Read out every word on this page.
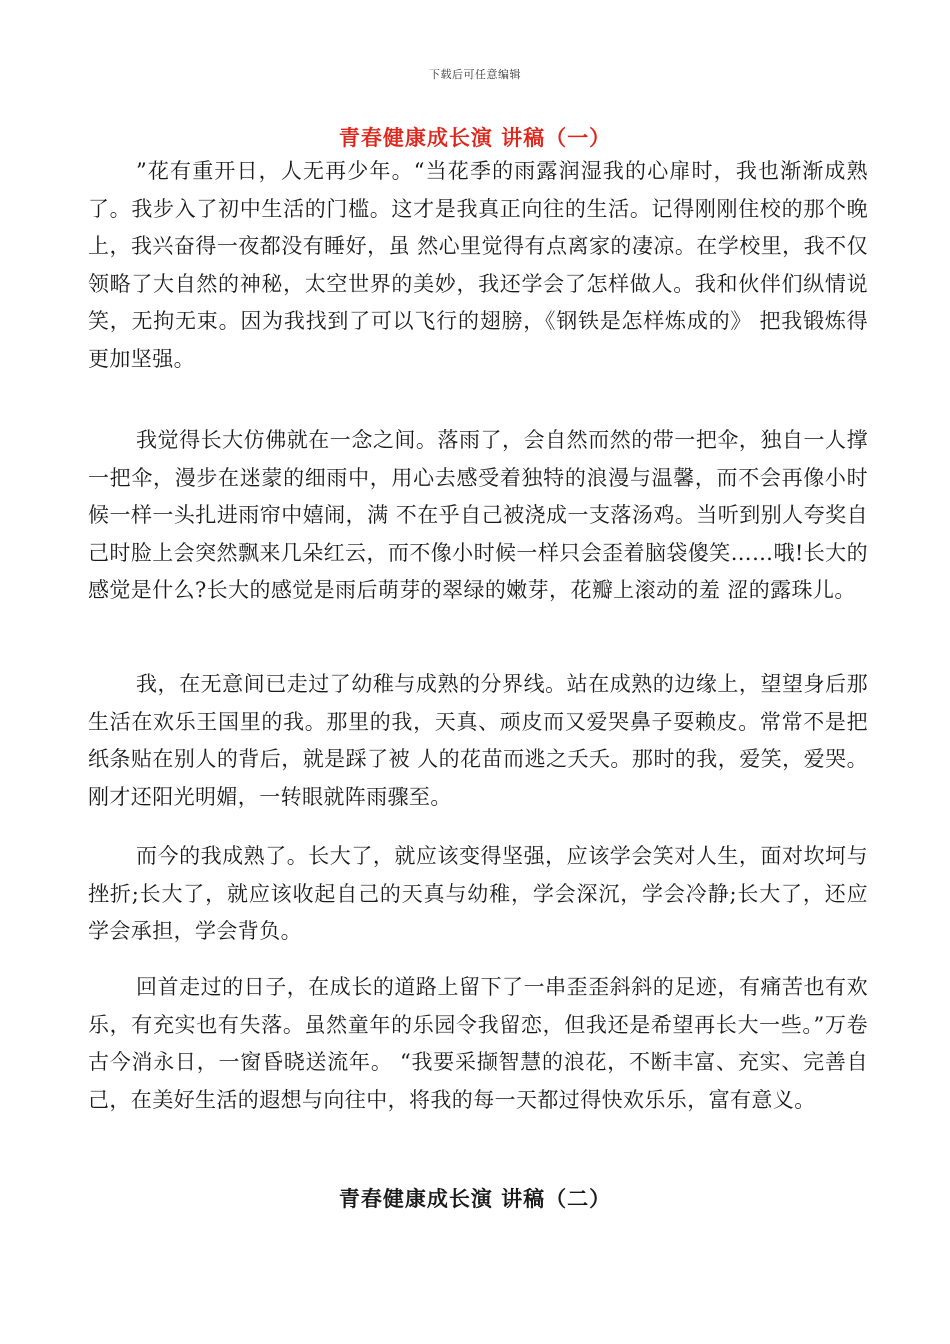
下载后可任意编辑
青春健康成长演 讲稿（一）

”花有重开日，人无再少年。“当花季的雨露润湿我的心扉时，我也渐渐成熟了。我步入了初中生活的门槛。这才是我真正向往的生活。记得刚刚住校的那个晚上，我兴奋得一夜都没有睡好，虽 然心里觉得有点离家的凄凉。在学校里，我不仅领略了大自然的神秘，太空世界的美妙，我还学会了怎样做人。我和伙伴们纵情说笑，无拘无束。因为我找到了可以飞行的翅膀，《钢铁是怎样炼成的》 把我锻炼得更加坚强。

我觉得长大仿佛就在一念之间。落雨了，会自然而然的带一把伞，独自一人撑一把伞，漫步在迷蒙的细雨中，用心去感受着独特的浪漫与温馨，而不会再像小时候一样一头扎进雨帘中嬉闹，满 不在乎自己被浇成一支落汤鸡。当听到别人夸奖自己时脸上会突然飘来几朵红云，而不像小时候一样只会歪着脑袋傻笑……哦!长大的感觉是什么?长大的感觉是雨后萌芽的翠绿的嫩芽，花瓣上滚动的羞 涩的露珠儿。

我，在无意间已走过了幼稚与成熟的分界线。站在成熟的边缘上，望望身后那生活在欢乐王国里的我。那里的我，天真、顽皮而又爱哭鼻子耍赖皮。常常不是把纸条贴在别人的背后，就是踩了被 人的花苗而逃之夭夭。那时的我，爱笑，爱哭。刚才还阳光明媚，一转眼就阵雨骤至。

而今的我成熟了。长大了，就应该变得坚强，应该学会笑对人生，面对坎坷与挫折;长大了，就应该收起自己的天真与幼稚，学会深沉，学会冷静;长大了，还应学会承担，学会背负。

回首走过的日子，在成长的道路上留下了一串歪歪斜斜的足迹，有痛苦也有欢乐，有充实也有失落。虽然童年的乐园令我留恋，但我还是希望再长大一些。”万卷古今消永日，一窗昏晓送流年。 “我要采撷智慧的浪花，不断丰富、充实、完善自己，在美好生活的遐想与向往中，将我的每一天都过得快欢乐乐，富有意义。

青春健康成长演 讲稿（二）
